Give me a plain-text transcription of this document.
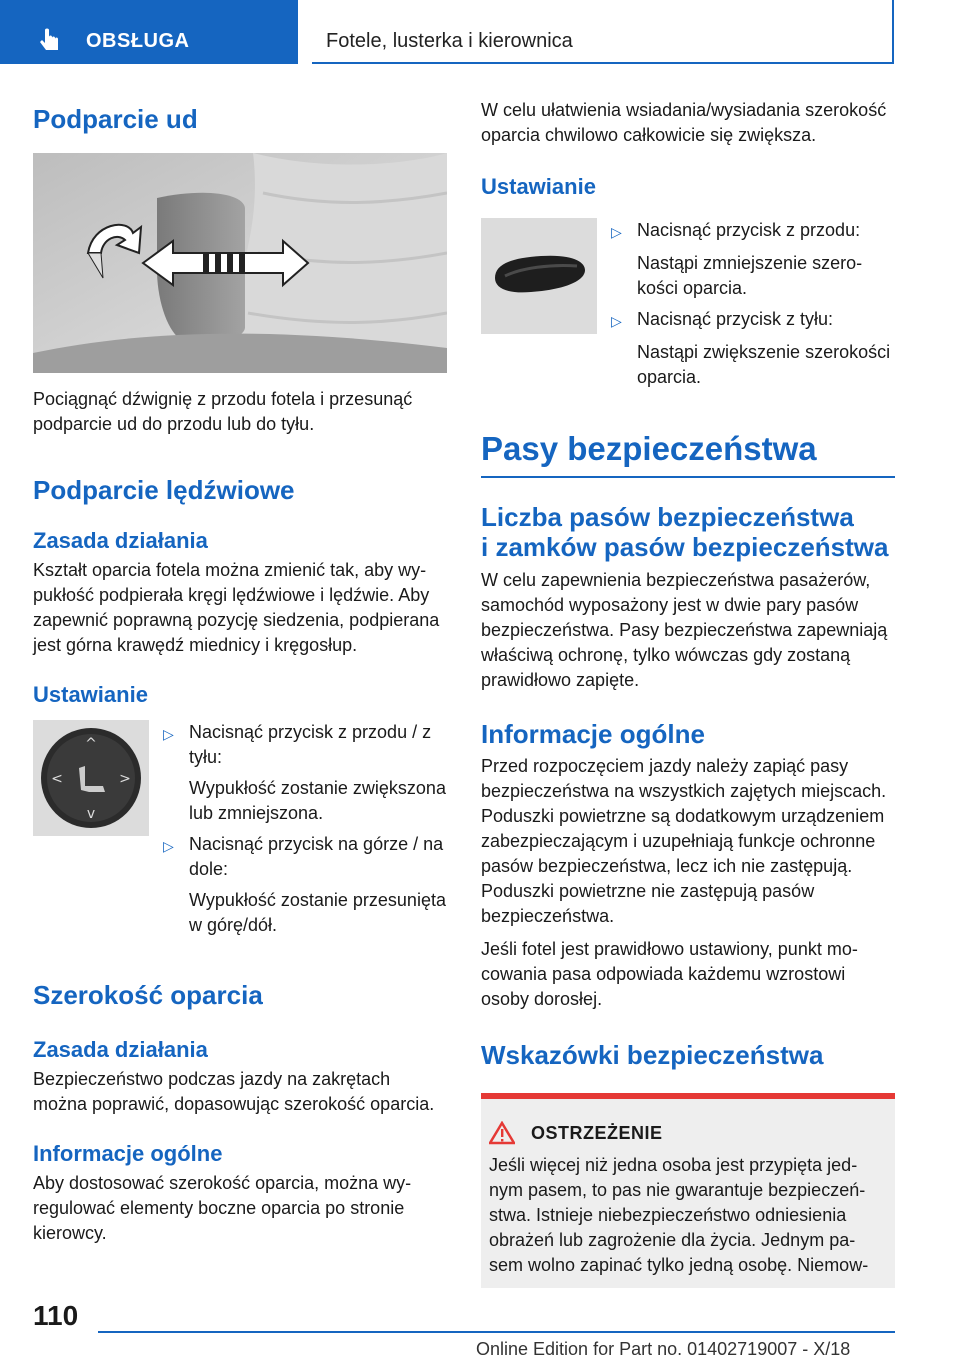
OBSŁUGA	Fotele, lusterka i kierownica
Podparcie ud

Pociągnąć dźwignię z przodu fotela i przesunąć podparcie ud do przodu lub do tyłu.

Podparcie lędźwiowe
Zasada działania

Kształt oparcia fotela można zmienić tak, aby wypukłość podpierała kręgi lędźwiowe i lędźwie. Aby zapewnić poprawną pozycję siedzenia, podpierana jest górna krawędź miednicy i kręgosłup.

Ustawianie
^
v
<	>
▷ Nacisnąć przycisk z przodu / z tyłu:
Wypukłość zostanie zwiększona lub zmniejszona.
▷ Nacisnąć przycisk na górze / na dole:
Wypukłość zostanie przesunięta w górę/dół.
Szerokość oparcia
Zasada działania

Bezpieczeństwo podczas jazdy na zakrętach można poprawić, dopasowując szerokość oparcia.

Informacje ogólne

Aby dostosować szerokość oparcia, można wyregulować elementy boczne oparcia po stronie kierowcy.

W celu ułatwienia wsiadania/wysiadania szerokość oparcia chwilowo całkowicie się zwiększa.

Ustawianie
▷ Nacisnąć przycisk z przodu:
Nastąpi zmniejszenie szerokości oparcia.
▷ Nacisnąć przycisk z tyłu:
Nastąpi zwiększenie szerokości oparcia.
Pasy bezpieczeństwa
Liczba pasów bezpieczeństwa
i zamków pasów bezpieczeństwa

W celu zapewnienia bezpieczeństwa pasażerów, samochód wyposażony jest w dwie pary pasów bezpieczeństwa. Pasy bezpieczeństwa zapewniają właściwą ochronę, tylko wówczas gdy zostaną prawidłowo zapięte.

Informacje ogólne

Przed rozpoczęciem jazdy należy zapiąć pasy bezpieczeństwa na wszystkich zajętych miejscach. Poduszki powietrzne są dodatkowym urządzeniem zabezpieczającym i uzupełniają funkcje ochronne pasów bezpieczeństwa, lecz ich nie zastępują. Poduszki powietrzne nie zastępują pasów bezpieczeństwa.

Jeśli fotel jest prawidłowo ustawiony, punkt mocowania pasa odpowiada każdemu wzrostowi osoby dorosłej.

Wskazówki bezpieczeństwa
OSTRZEŻENIE

Jeśli więcej niż jedna osoba jest przypięta jednym pasem, to pas nie gwarantuje bezpieczeństwa. Istnieje niebezpieczeństwo odniesienia obrażeń lub zagrożenie dla życia. Jednym pasem wolno zapinać tylko jedną osobę. Niemow-

110
Online Edition for Part no. 01402719007 - X/18
